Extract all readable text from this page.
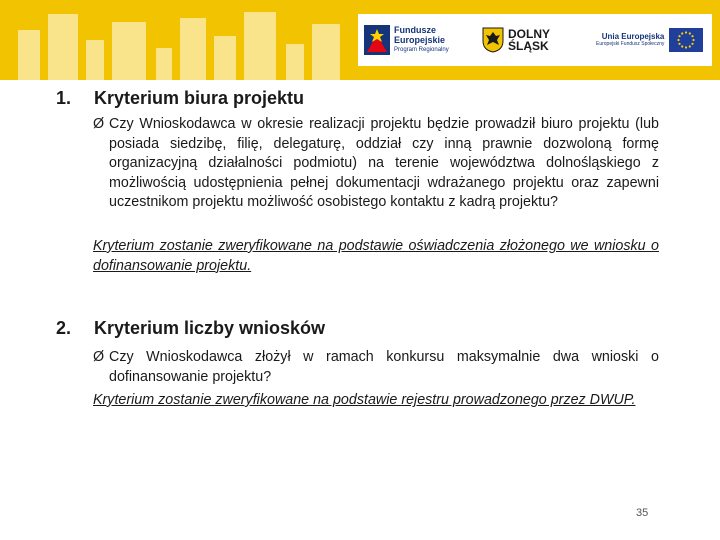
Fundusze
Europejskie
Program Regionalny
DOLNY
ŚLĄSK
Unia Europejska
Europejski Fundusz Społeczny
1. Kryterium biura projektu

Ø Czy Wnioskodawca w okresie realizacji projektu będzie prowadził biuro projektu (lub posiada siedzibę, filię, delegaturę, oddział czy inną prawnie dozwoloną formę organizacyjną działalności podmiotu) na terenie województwa dolnośląskiego z możliwością udostępnienia pełnej dokumentacji wdrażanego projektu oraz zapewni uczestnikom projektu możliwość osobistego kontaktu z kadrą projektu?

Kryterium zostanie zweryfikowane na podstawie oświadczenia złożonego we wniosku o dofinansowanie projektu.

2. Kryterium liczby wniosków

Ø Czy Wnioskodawca złożył w ramach konkursu maksymalnie dwa wnioski o dofinansowanie projektu?

Kryterium zostanie zweryfikowane na podstawie rejestru prowadzonego przez DWUP.

35
